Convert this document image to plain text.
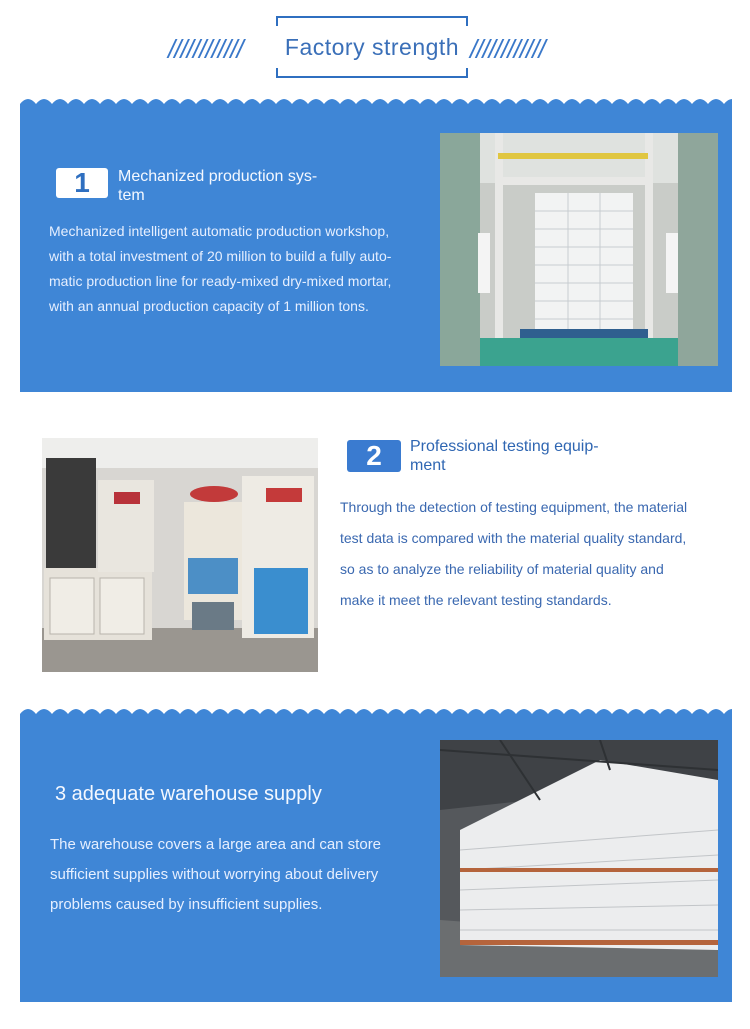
////////////	Factory strength ////////////
1	Mechanized production sys-
tem
Mechanized intelligent automatic production workshop,
with a total investment of 20 million to build a fully auto-
matic production line for ready-mixed dry-mixed mortar,
with an annual production capacity of 1 million tons.
2	Professional testing equip-
ment
Through the detection of testing equipment, the material
test data is compared with the material quality standard,
so as to analyze the reliability of material quality and
make it meet the relevant testing standards.
3 adequate warehouse supply
The warehouse covers a large area and can store
sufficient supplies without worrying about delivery
problems caused by insufficient supplies.
